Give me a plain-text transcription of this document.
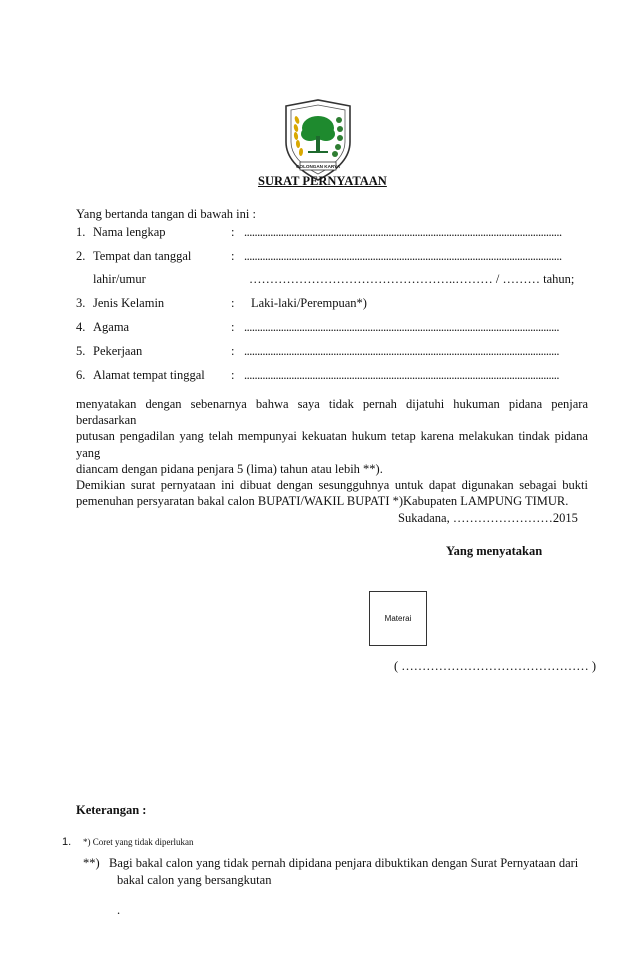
GOLONGAN KARYA
SURAT PERNYATAAN
Yang bertanda tangan di bawah ini :
1. Nama lengkap	: .........................................................................................................................
2. Tempat dan tanggal	: .........................................................................................................................
lahir/umur	…………………………………………..……… / ……… tahun;
3. Jenis Kelamin	: Laki-laki/Perempuan*)
4. Agama	: ........................................................................................................................
5. Pekerjaan	: ........................................................................................................................
6. Alamat tempat tinggal : ........................................................................................................................

menyatakan dengan sebenarnya bahwa saya tidak pernah dijatuhi hukuman pidana penjara berdasarkan

putusan pengadilan yang telah mempunyai kekuatan hukum tetap karena melakukan tindak pidana yang

diancam dengan pidana penjara 5 (lima) tahun atau lebih **).

Demikian surat pernyataan ini dibuat dengan sesungguhnya untuk dapat digunakan sebagai bukti

pemenuhan persyaratan bakal calon BUPATI/WAKIL BUPATI *)Kabupaten LAMPUNG TIMUR.

Sukadana, ……………………2015
Yang menyatakan
Materai
( ……………………………………… )
Keterangan :
1. *) Coret yang tidak diperlukan
**) Bagi bakal calon yang tidak pernah dipidana penjara dibuktikan dengan Surat Pernyataan dari
bakal calon yang bersangkutan
.
